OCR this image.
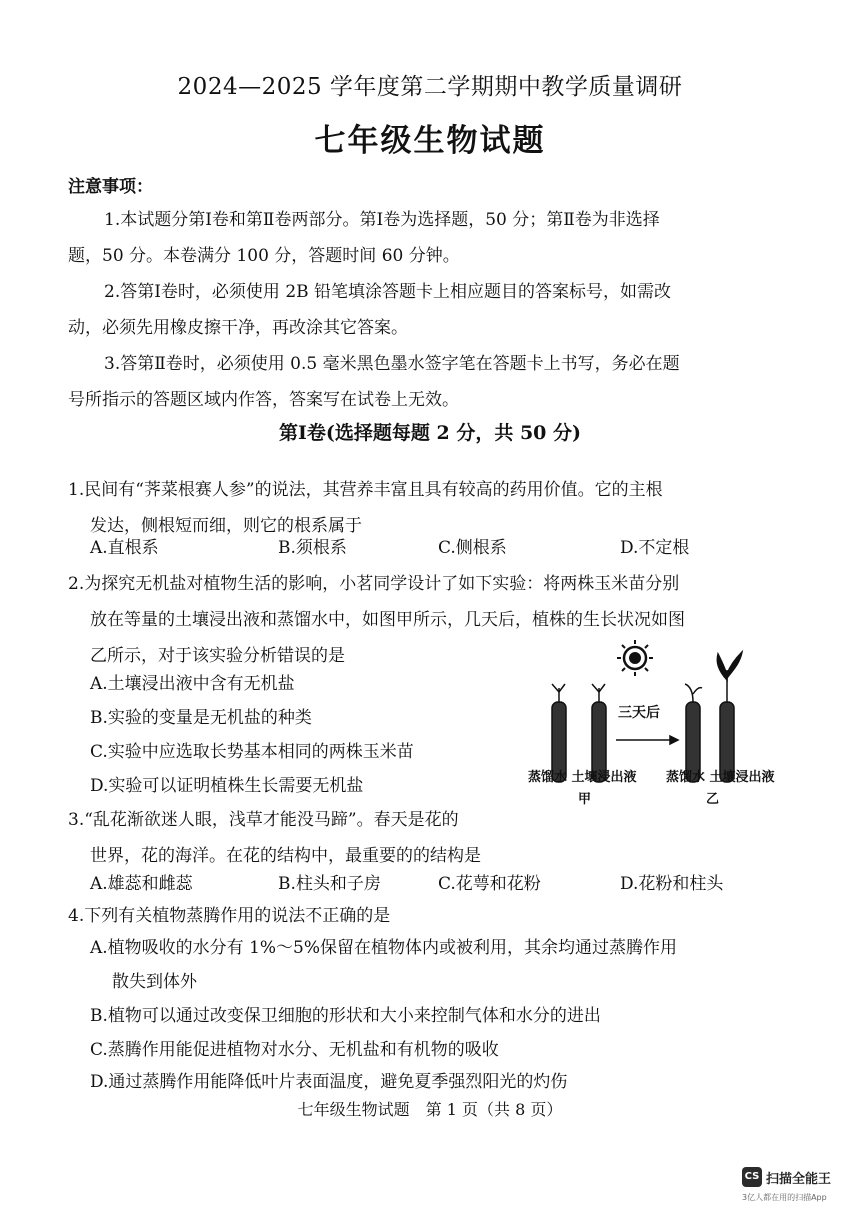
2024—2025 学年度第二学期期中教学质量调研
七年级生物试题
注意事项：
1.本试题分第Ⅰ卷和第Ⅱ卷两部分。第Ⅰ卷为选择题，50 分；第Ⅱ卷为非选择
题，50 分。本卷满分 100 分，答题时间 60 分钟。
2.答第Ⅰ卷时，必须使用 2B 铅笔填涂答题卡上相应题目的答案标号，如需改
动，必须先用橡皮擦干净，再改涂其它答案。
3.答第Ⅱ卷时，必须使用 0.5 毫米黑色墨水签字笔在答题卡上书写，务必在题
号所指示的答题区域内作答，答案写在试卷上无效。
第Ⅰ卷(选择题每题 2 分，共 50 分)
1.民间有“荠菜根赛人参”的说法，其营养丰富且具有较高的药用价值。它的主根
发达，侧根短而细，则它的根系属于
A.直根系	B.须根系	C.侧根系	D.不定根
2.为探究无机盐对植物生活的影响，小茗同学设计了如下实验：将两株玉米苗分别
放在等量的土壤浸出液和蒸馏水中，如图甲所示，几天后，植株的生长状况如图
乙所示，对于该实验分析错误的是
A.土壤浸出液中含有无机盐
B.实验的变量是无机盐的种类
C.实验中应选取长势基本相同的两株玉米苗
D.实验可以证明植株生长需要无机盐
三天后
蒸馏水 土壤浸出液 蒸馏水 土壤浸出液
甲	乙
3.“乱花渐欲迷人眼，浅草才能没马蹄”。春天是花的
世界，花的海洋。在花的结构中，最重要的的结构是
A.雄蕊和雌蕊	B.柱头和子房	C.花萼和花粉	D.花粉和柱头
4.下列有关植物蒸腾作用的说法不正确的是
A.植物吸收的水分有 1%～5%保留在植物体内或被利用，其余均通过蒸腾作用
散失到体外
B.植物可以通过改变保卫细胞的形状和大小来控制气体和水分的进出
C.蒸腾作用能促进植物对水分、无机盐和有机物的吸收
D.通过蒸腾作用能降低叶片表面温度，避免夏季强烈阳光的灼伤
七年级生物试题　第 1 页（共 8 页）
CS 扫描全能王
3亿人都在用的扫描App
